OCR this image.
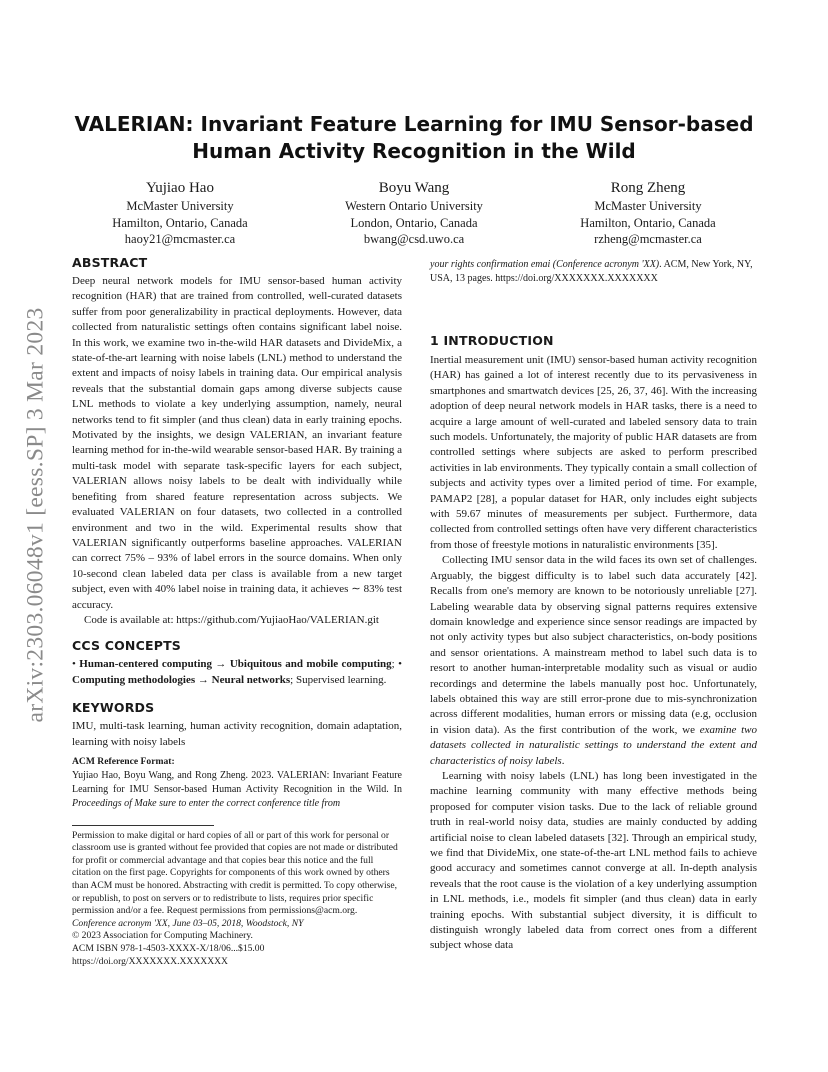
arXiv:2303.06048v1 [eess.SP] 3 Mar 2023
VALERIAN: Invariant Feature Learning for IMU Sensor-based
Human Activity Recognition in the Wild
Yujiao Hao
McMaster University
Hamilton, Ontario, Canada
haoy21@mcmaster.ca
Boyu Wang
Western Ontario University
London, Ontario, Canada
bwang@csd.uwo.ca
Rong Zheng
McMaster University
Hamilton, Ontario, Canada
rzheng@mcmaster.ca
ABSTRACT

Deep neural network models for IMU sensor-based human activity recognition (HAR) that are trained from controlled, well-curated datasets suffer from poor generalizability in practical deployments. However, data collected from naturalistic settings often contains significant label noise. In this work, we examine two in-the-wild HAR datasets and DivideMix, a state-of-the-art learning with noise labels (LNL) method to understand the extent and impacts of noisy labels in training data. Our empirical analysis reveals that the substantial domain gaps among diverse subjects cause LNL methods to violate a key underlying assumption, namely, neural networks tend to fit simpler (and thus clean) data in early training epochs. Motivated by the insights, we design VALERIAN, an invariant feature learning method for in-the-wild wearable sensor-based HAR. By training a multi-task model with separate task-specific layers for each subject, VALERIAN allows noisy labels to be dealt with individually while benefiting from shared feature representation across subjects. We evaluated VALERIAN on four datasets, two collected in a controlled environment and two in the wild. Experimental results show that VALERIAN significantly outperforms baseline approaches. VALERIAN can correct 75% – 93% of label errors in the source domains. When only 10-second clean labeled data per class is available from a new target subject, even with 40% label noise in training data, it achieves ∼ 83% test accuracy.

Code is available at: https://github.com/YujiaoHao/VALERIAN.git

CCS CONCEPTS

• Human-centered computing → Ubiquitous and mobile computing; • Computing methodologies → Neural networks; Supervised learning.

KEYWORDS

IMU, multi-task learning, human activity recognition, domain adaptation, learning with noisy labels

ACM Reference Format:

Yujiao Hao, Boyu Wang, and Rong Zheng. 2023. VALERIAN: Invariant Feature Learning for IMU Sensor-based Human Activity Recognition in the Wild. In Proceedings of Make sure to enter the correct conference title from

Permission to make digital or hard copies of all or part of this work for personal or classroom use is granted without fee provided that copies are not made or distributed for profit or commercial advantage and that copies bear this notice and the full citation on the first page. Copyrights for components of this work owned by others than ACM must be honored. Abstracting with credit is permitted. To copy otherwise, or republish, to post on servers or to redistribute to lists, requires prior specific permission and/or a fee. Request permissions from permissions@acm.org.

Conference acronym 'XX, June 03–05, 2018, Woodstock, NY
© 2023 Association for Computing Machinery.
ACM ISBN 978-1-4503-XXXX-X/18/06...$15.00
https://doi.org/XXXXXXX.XXXXXXX

your rights confirmation emai (Conference acronym 'XX). ACM, New York, NY, USA, 13 pages. https://doi.org/XXXXXXX.XXXXXXX

1 INTRODUCTION

Inertial measurement unit (IMU) sensor-based human activity recognition (HAR) has gained a lot of interest recently due to its pervasiveness in smartphones and smartwatch devices [25, 26, 37, 46]. With the increasing adoption of deep neural network models in HAR tasks, there is a need to acquire a large amount of well-curated and labeled sensory data to train such models. Unfortunately, the majority of public HAR datasets are from controlled settings where subjects are asked to perform prescribed activities in lab environments. They typically contain a small collection of subjects and activity types over a limited period of time. For example, PAMAP2 [28], a popular dataset for HAR, only includes eight subjects with 59.67 minutes of measurements per subject. Furthermore, data collected from controlled settings often have very different characteristics from those of freestyle motions in naturalistic environments [35].

Collecting IMU sensor data in the wild faces its own set of challenges. Arguably, the biggest difficulty is to label such data accurately [42]. Recalls from one's memory are known to be notoriously unreliable [27]. Labeling wearable data by observing signal patterns requires extensive domain knowledge and experience since sensor readings are impacted by not only activity types but also subject characteristics, on-body positions and sensor orientations. A mainstream method to label such data is to resort to another human-interpretable modality such as visual or audio recordings and determine the labels manually post hoc. Unfortunately, labels obtained this way are still error-prone due to mis-synchronization across different modalities, human errors or missing data (e.g, occlusion in vision data). As the first contribution of the work, we examine two datasets collected in naturalistic settings to understand the extent and characteristics of noisy labels.

Learning with noisy labels (LNL) has long been investigated in the machine learning community with many effective methods being proposed for computer vision tasks. Due to the lack of reliable ground truth in real-world noisy data, studies are mainly conducted by adding artificial noise to clean labeled datasets [32]. Through an empirical study, we find that DivideMix, one state-of-the-art LNL method fails to achieve good accuracy and sometimes cannot converge at all. In-depth analysis reveals that the root cause is the violation of a key underlying assumption in LNL methods, i.e., models fit simpler (and thus clean) data in early training epochs. With substantial subject diversity, it is difficult to distinguish wrongly labeled data from correct ones from a different subject whose data
